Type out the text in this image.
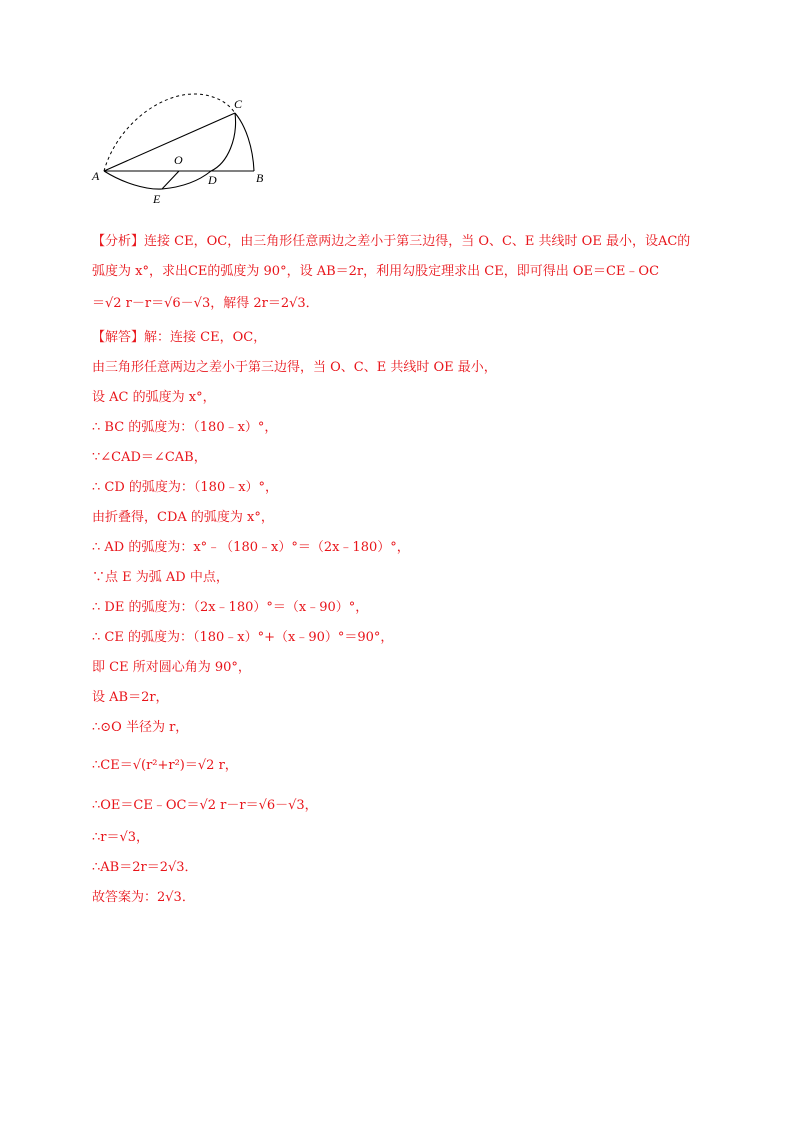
A	B
C
O
D
E
【分析】连接 CE，OC，由三角形任意两边之差小于第三边得，当 O、C、E 共线时 OE 最小，设AC的
弧度为 x°，求出CE的弧度为 90°，设 AB＝2r，利用勾股定理求出 CE，即可得出 OE＝CE﹣OC
＝√2 r－r＝√6－√3，解得 2r＝2√3．
【解答】解：连接 CE，OC，
由三角形任意两边之差小于第三边得，当 O、C、E 共线时 OE 最小，
设 AC 的弧度为 x°，
∴ BC 的弧度为：（180﹣x）°，
∵∠CAD＝∠CAB，
∴ CD 的弧度为：（180﹣x）°，
由折叠得，CDA 的弧度为 x°，
∴ AD 的弧度为：x°﹣（180﹣x）°＝（2x﹣180）°，
∵点 E 为弧 AD 中点，
∴ DE 的弧度为：（2x﹣180）°＝（x﹣90）°，
∴ CE 的弧度为：（180﹣x）°+（x﹣90）°＝90°，
即 CE 所对圆心角为 90°，
设 AB＝2r，
∴⊙O 半径为 r，
∴CE＝√(r²+r²)＝√2 r，
∴OE＝CE﹣OC＝√2 r－r＝√6－√3，
∴r＝√3，
∴AB＝2r＝2√3．
故答案为：2√3．
